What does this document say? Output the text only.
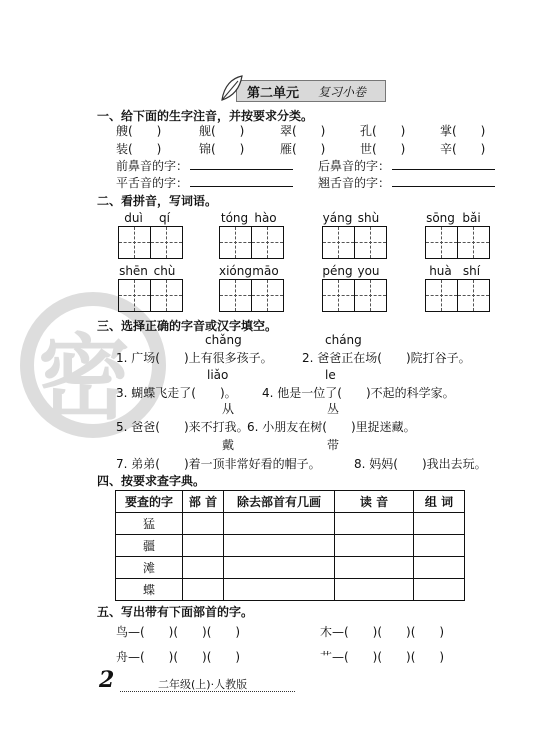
密
第二单元 复习小卷
一、给下面的生字注音，并按要求分类。
艘(　　)	舰(　　)	翠(　　)	孔(　　)	掌(　　)
装(　　)	锦(　　)	雁(　　)	世(　　)	辛(　　)
前鼻音的字：	后鼻音的字：
平舌音的字：	翘舌音的字：
二、看拼音，写词语。
duì	qí	tóng hào	yáng shù	sōng bǎi
shēn chù	xióng māo	péng you	huà shí
三、选择正确的字音或汉字填空。
chǎng	cháng
1. 广场(　　)上有很多孩子。 2. 爸爸正在场(　　)院打谷子。
liǎo	le
3. 蝴蝶飞走了(　　)。 4. 他是一位了(　　)不起的科学家。
从	丛
5. 爸爸(　　)来不打我。
6. 小朋友在树(　　)里捉迷藏。
戴	带
7. 弟弟(　　)着一顶非常好看的帽子。	8. 妈妈(　　)我出去玩。
四、按要求查字典。
要查的字	部 首	除去部首有几画	读 音	组 词
猛				
疆				
滩				
蝶				
五、写出带有下面部首的字。
鸟—(　　)(　　)(　　)	木—(　　)(　　)(　　)
舟—(　　)(　　)(　　)	艹—(　　)(　　)(　　)
2	二年级(上)·人教版
